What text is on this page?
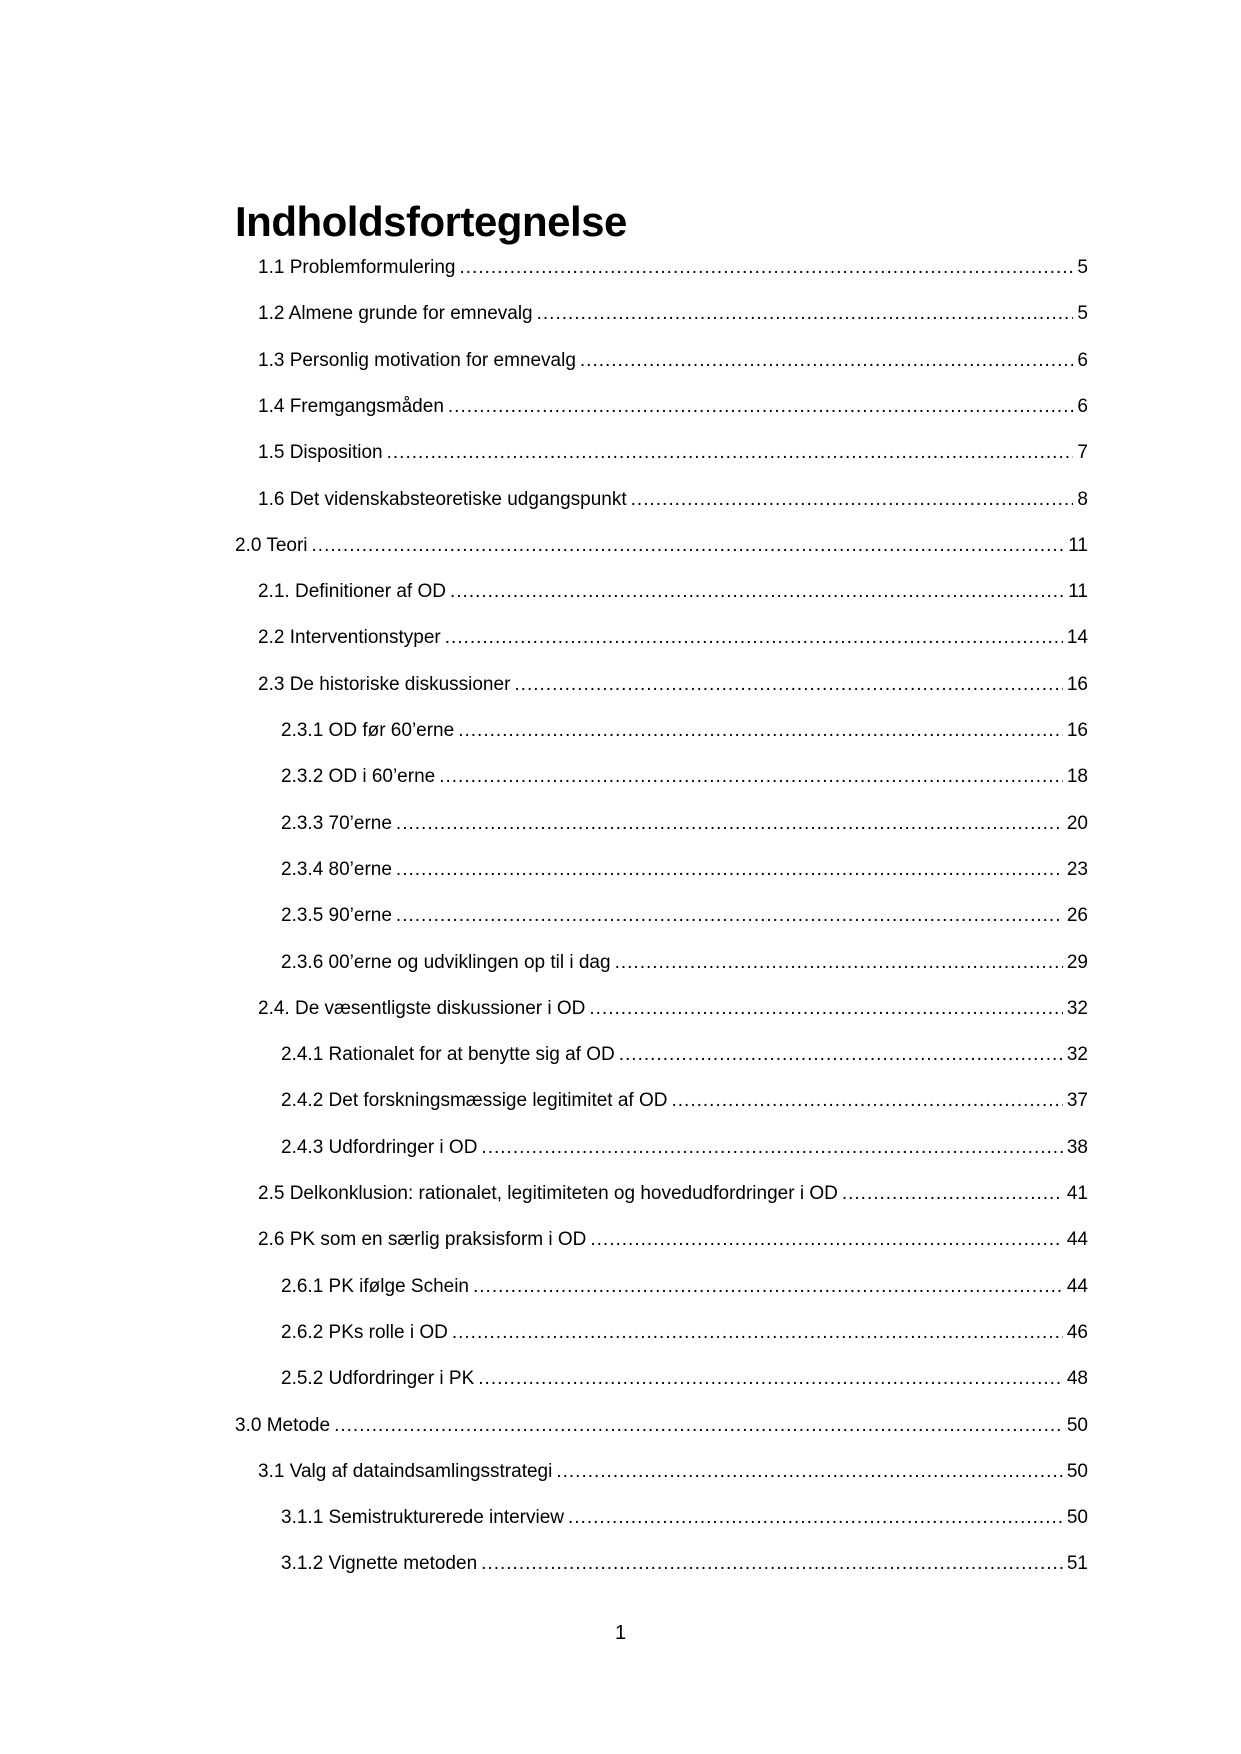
Indholdsfortegnelse
1.1 Problemformulering .....	5
1.2 Almene grunde for emnevalg .....	5
1.3 Personlig motivation for emnevalg .....	6
1.4 Fremgangsmåden .....	6
1.5 Disposition .....	7
1.6 Det videnskabsteoretiske udgangspunkt .....	8
2.0 Teori .....	11
2.1. Definitioner af OD .....	11
2.2 Interventionstyper .....	14
2.3 De historiske diskussioner .....	16
2.3.1 OD før 60’erne .....	16
2.3.2 OD i 60’erne .....	18
2.3.3 70’erne .....	20
2.3.4 80’erne .....	23
2.3.5 90’erne .....	26
2.3.6 00’erne og udviklingen op til i dag .....	29
2.4. De væsentligste diskussioner i OD .....	32
2.4.1 Rationalet for at benytte sig af OD .....	32
2.4.2 Det forskningsmæssige legitimitet af OD .....	37
2.4.3 Udfordringer i OD .....	38
2.5 Delkonklusion: rationalet, legitimiteten og hovedudfordringer i OD .....	41
2.6 PK som en særlig praksisform i OD .....	44
2.6.1 PK ifølge Schein .....	44
2.6.2 PKs rolle i OD .....	46
2.5.2 Udfordringer i PK .....	48
3.0 Metode .....	50
3.1 Valg af dataindsamlingsstrategi .....	50
3.1.1 Semistrukturerede interview .....	50
3.1.2 Vignette metoden .....	51
1
